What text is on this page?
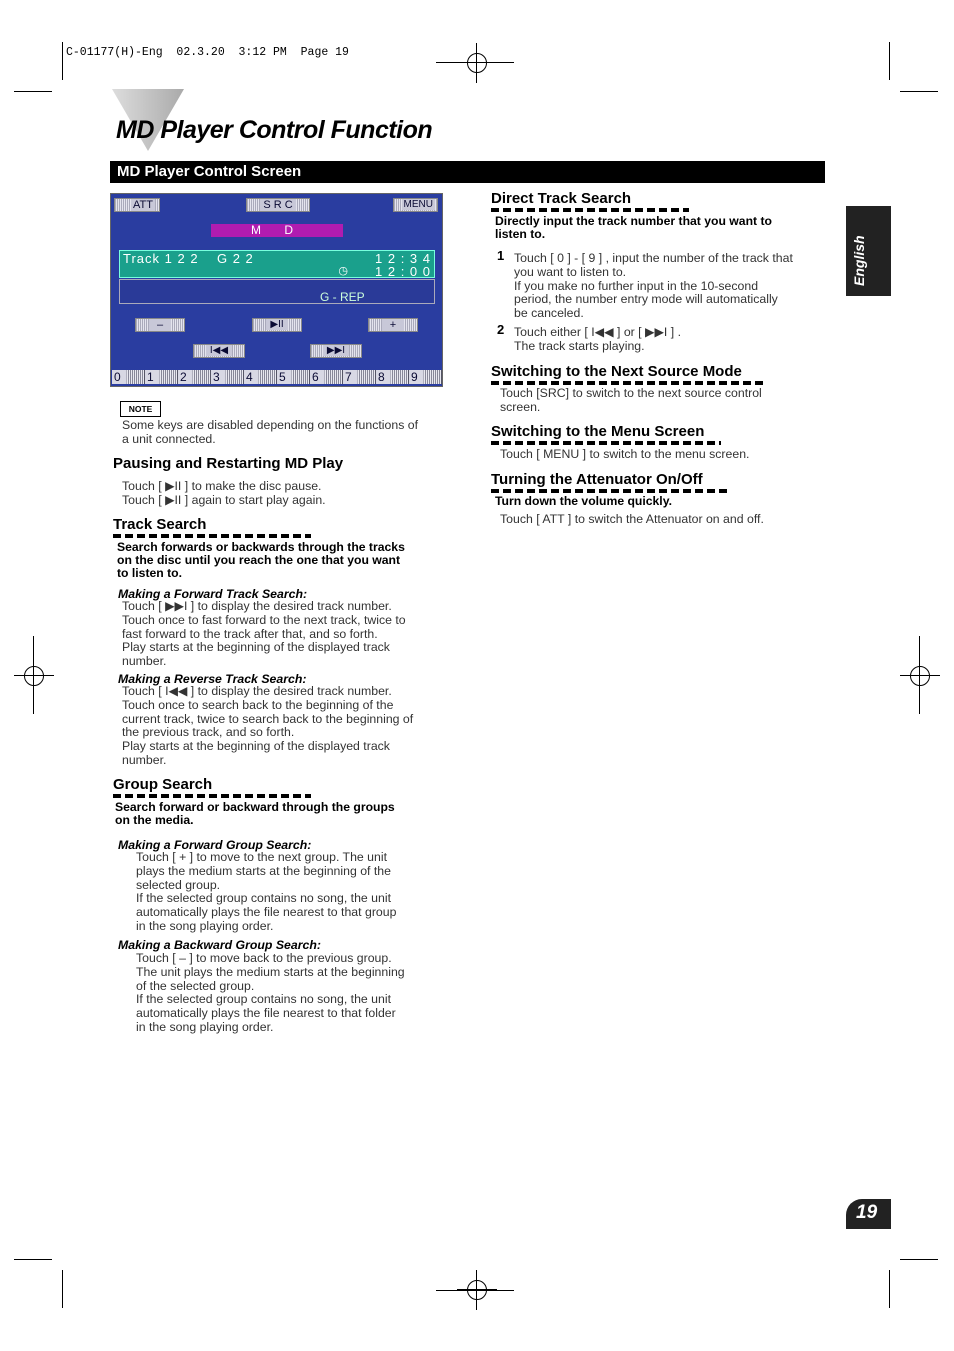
C-01177(H)-Eng  02.3.20  3:12 PM  Page 19
MD Player Control Function
MD Player Control Screen
ATT	S R C	MENU
M D
Track 1 2 2    G 2 2	1 2 : 3 4
1 2 : 0 0
◷
G - REP
–	▶II	+
I◀◀	▶▶I
0	1	2	3	4	5	6	7	8	9
NOTE
Some keys are disabled depending on the functions of
a unit connected.
Pausing and Restarting MD Play
Touch [ ▶II ] to make the disc pause.
Touch [ ▶II ] again to start play again.
Track Search
Search forwards or backwards through the tracks
on the disc until you reach the one that you want
to listen to.
Making a Forward Track Search:
Touch [ ▶▶I ] to display the desired track number.
Touch once to fast forward to the next track, twice to
fast forward to the track after that, and so forth.
Play starts at the beginning of the displayed track
number.
Making a Reverse Track Search:
Touch [ I◀◀ ] to display the desired track number.
Touch once to search back to the beginning of the
current track, twice to search back to the beginning of
the previous track, and so forth.
Play starts at the beginning of the displayed track
number.
Group Search
Search forward or backward through the groups
on the media.
Making a Forward Group Search:
Touch [ + ] to move to the next group. The unit
plays the medium starts at the beginning of the
selected group.
If the selected group contains no song, the unit
automatically plays the file nearest to that group
in the song playing order.
Making a Backward Group Search:
Touch [ – ] to move back to the previous group.
The unit plays the medium starts at the beginning
of the selected group.
If the selected group contains no song, the unit
automatically plays the file nearest to that folder
in the song playing order.
Direct Track Search
Directly input the track number that you want to
listen to.
1 Touch [ 0 ] - [ 9 ] , input the number of the track that
you want to listen to.
If you make no further input in the 10-second
period, the number entry mode will automatically
be canceled.
2 Touch either [ I◀◀ ] or [ ▶▶I ] .
The track starts playing.
Switching to the Next Source Mode
Touch [SRC] to switch to the next source control
screen.
Switching to the Menu Screen
Touch [ MENU ] to switch to the menu screen.
Turning the Attenuator On/Off
Turn down the volume quickly.
Touch [ ATT ] to switch the Attenuator on and off.
English
19
